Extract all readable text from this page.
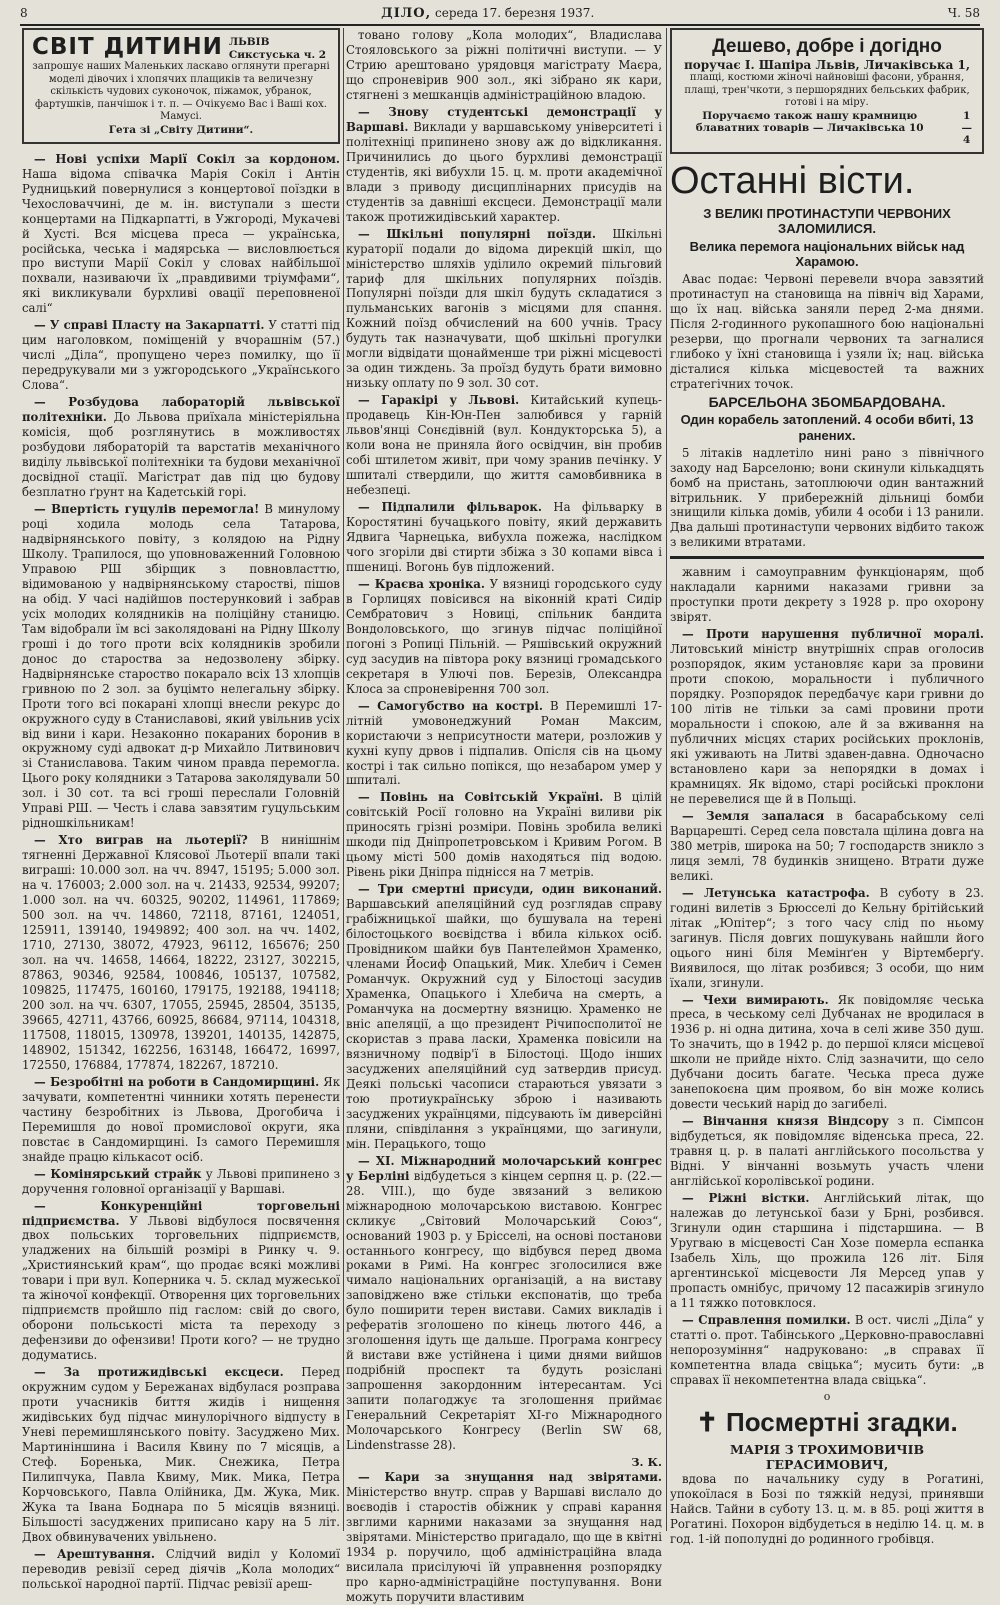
8	ДІЛО, середа 17. березня 1937.	Ч. 58
СВІТ ДИТИНИ ЛЬВІВ
Сикстуська ч. 2
запрошує наших Маленьких ласкаво оглянути прегарні моделі дівочих і хлопячих плащиків та величезну скількість чудових суконочок, піжамок, убранок, фартушків, панчішок і т. п. — Очікуємо Вас і Ваші кох. Мамусі.
Гета зі „Світу Дитини“.

— Нові успіхи Марії Сокіл за кордоном. Наша відома співачка Марія Сокіл і Антін Рудницький повернулися з концертової поїздки в Чехословаччині, де м. ін. виступали з шести концертами на Підкарпатті, в Ужгороді, Мукачеві й Хусті. Вся місцева преса — українська, російська, чеська і мадярська — висловлюється про виступи Марії Сокіл у словах найбільшої похвали, називаючи їх „правдивими тріумфами“, які викликували бурхливі овації переповненої салі“

— У справі Пласту на Закарпатті. У статті під цим наголовком, поміщеній у вчорашнім (57.) числі „Діла“, пропущено через помилку, що її передрукували ми з ужгородського „Українського Слова“.

— Розбудова лабораторій львівської політехніки. До Львова приїхала міністеріяльна комісія, щоб розглянутись в можливостях розбудови лябораторій та варстатів механічного виділу львівської політехніки та будови механічної досвідної стації. Магістрат дав під цю будову безплатно ґрунт на Кадетській горі.

— Впертість гуцулів перемогла! В минулому році ходила молодь села Татарова, надвірнянського повіту, з колядою на Рідну Школу. Трапилося, що уповноваженний Головною Управою РШ збірщик з повновласттю, відимованою у надвірнянському старостві, пішов на обід. У часі надійшов постерунковий і забрав усіх молодих колядників на поліційну станицю. Там відобрали їм всі заколядовані на Рідну Школу гроші і до того проти всіх колядників зробили донос до староства за недозволену збірку. Надвірнянське староство покарало всіх 13 хлопців гривною по 2 зол. за буцімто нелегальну збірку. Проти того всі покарані хлопці внесли рекурс до окружного суду в Станиславові, який увільнив усіх від вини і кари. Незаконно покараних боронив в окружному суді адвокат д-р Михайло Литвинович зі Станиславова. Таким чином правда перемогла. Цього року колядники з Татарова заколядували 50 зол. і 30 сот. та всі гроші переслали Головній Управі РШ. — Честь і слава завзятим гуцульським рідношкільникам!

— Хто виграв на льотерії? В нинішнім тягненні Державної Клясової Льотерії впали такі виграші: 10.000 зол. на чч. 8947, 15195; 5.000 зол. на ч. 176003; 2.000 зол. на ч. 21433, 92534, 99207; 1.000 зол. на чч. 60325, 90202, 114961, 117869; 500 зол. на чч. 14860, 72118, 87161, 124051, 125911, 139140, 1949892; 400 зол. на чч. 1402, 1710, 27130, 38072, 47923, 96112, 165676; 250 зол. на чч. 14658, 14664, 18222, 23127, 302215, 87863, 90346, 92584, 100846, 105137, 107582, 109825, 117475, 160160, 179175, 192188, 194118; 200 зол. на чч. 6307, 17055, 25945, 28504, 35135, 39665, 42711, 43766, 60925, 86684, 97114, 104318, 117508, 118015, 130978, 139201, 140135, 142875, 148902, 151342, 162256, 163148, 166472, 16997, 172550, 176884, 177874, 182267, 187210.

— Безробітні на роботи в Сандомирщині. Як зачувати, компетентні чинники хотять перенести частину безробітних із Львова, Дрогобича і Перемишля до нової промислової округи, яка повстає в Сандомирщині. Із самого Перемишля знайде працю кількасот осіб.

— Комінярський страйк у Львові припинено з доручення головної організації у Варшаві.

— Конкуренційні торговельні підприємства. У Львові відбулося посвячення двох польських торговельних підприємств, уладжених на більшій розмірі в Ринку ч. 9. „Християнський крам“, що продає всякі можливі товари і при вул. Коперника ч. 5. склад мужеської та жіночої конфекції. Отворення цих торговельних підприємств пройшло під гаслом: свій до свого, оборони польськості міста та переходу з дефензиви до офензиви! Проти кого? — не трудно додуматись.

— За протижидівські ексцеси. Перед окружним судом у Бережанах відбулася розправа проти учасників биття жидів і нищення жидівських буд підчас минулорічного відпусту в Уневі перемишлянського повіту. Засуджено Мих. Мартиніншина і Василя Квину по 7 місяців, а Стеф. Боренька, Мик. Снежика, Петра Пилипчука, Павла Квиму, Мик. Мика, Петра Корчовського, Павла Олійника, Дм. Жука, Мик. Жука та Івана Боднара по 5 місяців вязниці. Більшості засуджених приписано кару на 5 літ. Двох обвинувачених увільнено.

— Арештування. Слідчий виділ у Коломиї переводив ревізії серед діячів „Кола молодих“ польської народної партії. Підчас ревізії ареш-

товано голову „Кола молодих“, Владислава Стояловського за ріжні політичні виступи. — У Стрию арештовано урядовця магістрату Маєра, що спроневірив 900 зол., які зібрано як кари, стягнені з мешканців адміністраційною владою.

— Знову студентські демонстрації у Варшаві. Виклади у варшавському університеті і політехніці припинено знову аж до відкликання. Причинились до цього бурхливі демонстрації студентів, які вибухли 15. ц. м. проти академічної влади з приводу дисциплінарних присудів на студентів за давніші ексцеси. Демонстрації мали також протижидівський характер.

— Шкільні популярні поїзди. Шкільні кураторії подали до відома дирекцій шкіл, що міністерство шляхів уділило окремий пільговий тариф для шкільних популярних поїздів. Популярні поїзди для шкіл будуть складатися з пульманських вагонів з місцями для спання. Кожний поїзд обчислений на 600 учнів. Трасу будуть так назначувати, щоб шкільні прогулки могли відвідати щонайменше три ріжні місцевості за один тиждень. За проїзд будуть брати вимовно низьку оплату по 9 зол. 30 сот.

— Гаракірі у Львові. Китайський купець-продавець Кін-Юн-Пен залюбився у гарній львов'янці Сонєдівній (вул. Кондукторська 5), а коли вона не приняла його освідчин, він пробив собі штилетом живіт, при чому зранив печінку. У шпиталі ствердили, що життя самовбивника в небезпеці.

— Підпалили фільварок. На фільварку в Коростятині бучацького повіту, який державить Ядвига Чарнецька, вибухла пожежа, наслідком чого згоріли дві стирти збіжа з 30 копами вівса і пшениці. Вогонь був підложений.

— Краєва хроніка. У вязниці городського суду в Горлицях повісився на віконній краті Сидір Сембратович з Новиці, спільник бандита Вондоловського, що згинув підчас поліційної погоні з Ропиці Пільній. — Ряшівський окружний суд засудив на півтора року вязниці громадського секретаря в Улючі пов. Березів, Олександра Клоса за спроневірення 700 зол.

— Самогубство на кострі. В Перемишлі 17-літній умовонеджуний Роман Максим, користаючи з неприсутности матери, розложив у кухні купу дрвов і підпалив. Опісля сів на цьому кострі і так сильно попікся, що незабаром умер у шпиталі.

— Повінь на Совітській Україні. В цілій совітській Росії головно на Україні виливи рік приносять грізні розміри. Повінь зробила великі шкоди під Дніпропетровськом і Кривим Рогом. В цьому місті 500 домів находяться під водою. Рівень ріки Дніпра піднісся на 7 метрів.

— Три смертні присуди, один виконаний. Варшавський апеляційний суд розглядав справу грабіжницької шайки, що бушувала на терені білостоцького воєвідства і вбила кількох осіб. Провідником шайки був Пантелеймон Храменко, членами Йосиф Опацький, Мик. Хлебич і Семен Романчук. Окружний суд у Білостоці засудив Храменка, Опацького і Хлебича на смерть, а Романчука на досмертну вязницю. Храменко не вніс апеляції, а що президент Річипосполитої не скористав з права ласки, Храменка повісили на вязничному подвір'ї в Білостоці. Щодо інших засуджених апеляційний суд затвердив присуд. Деякі польські часописи стараються увязати з тою протиукраїнську зброю і називають засуджених українцями, підсувають їм диверсійні пляни, співділання з українцями, що загинули, мін. Перацького, тощо

— XI. Міжнародний молочарський конгрес у Берліні відбудеться з кінцем серпня ц. р. (22.—28. VIII.), що буде звязаний з великою міжнародною молочарською виставою. Конгрес скликує „Світовий Молочарський Союз“, оснований 1903 р. у Брісселі, на основі постанови останнього конгресу, що відбувся перед двома роками в Римі. На конгрес зголосилися вже чимало національних організацій, а на виставу заповіджено вже стільки експонатів, що треба було поширити терен вистави. Самих викладів і рефератів зголошено по кінець лютого 446, а зголошення ідуть ще дальше. Програма конгресу й вистави вже устійнена і цими днями вийшов подрібній проспект та будуть розіслані запрошення закордонним інтересантам. Усі запити полагоджує та зголошення приймає Генеральний Секретаріят XI-го Міжнародного Молочарського Конгресу (Berlin SW 68, Lindenstrasse 28).

З. К.

— Кари за знущання над звірятами. Міністерство внутр. справ у Варшаві вислало до воєводів і старостів обіжник у справі карання звглими карними наказами за знущання над звірятами. Міністерство пригадало, що ще в квітні 1934 р. поручило, щоб адміністраційна влада висилала присілуючі їй управнення розпорядку про карно-адміністраційне поступування. Вони можуть поручити властивим

Дешево, добре і догідно
поручає І. Шапіра Львів, Личаківська 1,
плащі, костюми жіночі найновіші фасони, убрання, плащі, трен'чкоти, з першорядних бельських фабрик, готові і на міру.
Поручаємо також нашу крамницю блаватних товарів — Личаківська 10
1—4
Останні вісти.
З ВЕЛИКІ ПРОТИНАСТУПИ ЧЕРВОНИХ ЗАЛОМИЛИСЯ.
Велика перемога національних військ над Харамою.

Авас подає: Червоні перевели вчора завзятий протинаступ на становища на північ від Харами, що їх нац. війська заняли перед 2-ма днями. Після 2-годинного рукопашного бою національні резерви, що прогнали червоних та загналися глибоко у їхні становища і узяли їх; нац. війська дісталися кілька місцевостей та важних стратегічних точок.

БАРСЕЛЬОНА ЗБОМБАРДОВАНА.
Один корабель затоплений. 4 особи вбиті, 13 ранених.

5 літаків надлетіло нині рано з північного заходу над Барселоню; вони скинули кількадцять бомб на пристань, затоплюючи один вантажний вітрильник. У прибережній дільниці бомби знищили кілька домів, убили 4 особи і 13 ранили. Два дальші протинаступи червоних відбито також з великими втратами.

жавним і самоуправним функціонарям, щоб накладали карними наказами гривни за проступки проти декрету з 1928 р. про охорону звірят.

— Проти нарушення публичної моралі. Литовський міністр внутрішніх справ оголосив розпорядок, яким установляє кари за провини проти спокою, моральности і публичного порядку. Розпорядок передбачує кари гривни до 100 літів не тільки за самі провини проти моральности і спокою, але й за вживання на публичних місцях старих російських проклонів, які уживають на Литві здавен-давна. Одночасно встановлено кари за непорядки в домах і крамницях. Як відомо, старі російські проклони не перевелися ще й в Польщі.

— Земля запалася в басарабському селі Варцарешті. Серед села повстала щілина довга на 380 метрів, широка на 50; 7 господарств зникло з лиця землі, 78 будинків знищено. Втрати дуже великі.

— Летунська катастрофа. В суботу в 23. годині вилетів з Брюсселі до Кельну брітійський літак „Юпітер“; з того часу слід по ньому загинув. Після довгих пошукувань найшли його оцього нині біля Мемінґен у Віртемберґу. Виявилося, що літак розбився; 3 особи, що ним їхали, згинули.

— Чехи вимирають. Як повідомляє чеська преса, в чеському селі Дубчанах не вродилася в 1936 р. ні одна дитина, хоча в селі живе 350 душ. То значить, що в 1942 р. до першої кляси місцевої школи не прийде ніхто. Слід зазначити, що село Дубчани досить багате. Чеська преса дуже занепокоєна цим проявом, бо він може колись довести чеський нарід до загибелі.

— Вінчання князя Віндсору з п. Сімпсон відбудеться, як повідомляє віденська преса, 22. травня ц. р. в палаті англійського посольства у Відні. У вінчанні возьмуть участь члени англійської королівської родини.

— Ріжні вістки. Англійський літак, що належав до летунської бази у Брні, розбився. Згинули один старшина і підстаршина. — В Уругваю в місцевості Сан Хозе померла еспанка Ізабель Хіль, що прожила 126 літ. Біля аргентинської місцевости Ля Мерсед упав у пропасть омнібус, причому 12 пасажирів згинуло а 11 тяжко потовклося.

— Справлення помилки. В ост. числі „Діла“ у статті о. прот. Табінського „Церковно-православні непорозуміння“ надруковано: „в справах її компетентна влада свіцька“; мусить бути: „в справах її некомпетентна влада свіцька“.

o
✝ Посмертні згадки.
МАРІЯ З ТРОХИМОВИЧІВ ГЕРАСИМОВИЧ,

вдова по начальнику суду в Рогатині, упокоїлася в Бозі по тяжкій недузі, принявши Найсв. Тайни в суботу 13. ц. м. в 85. році життя в Рогатині. Похорон відбудеться в неділю 14. ц. м. в год. 1-ій пополудні до родинного гробівця.
